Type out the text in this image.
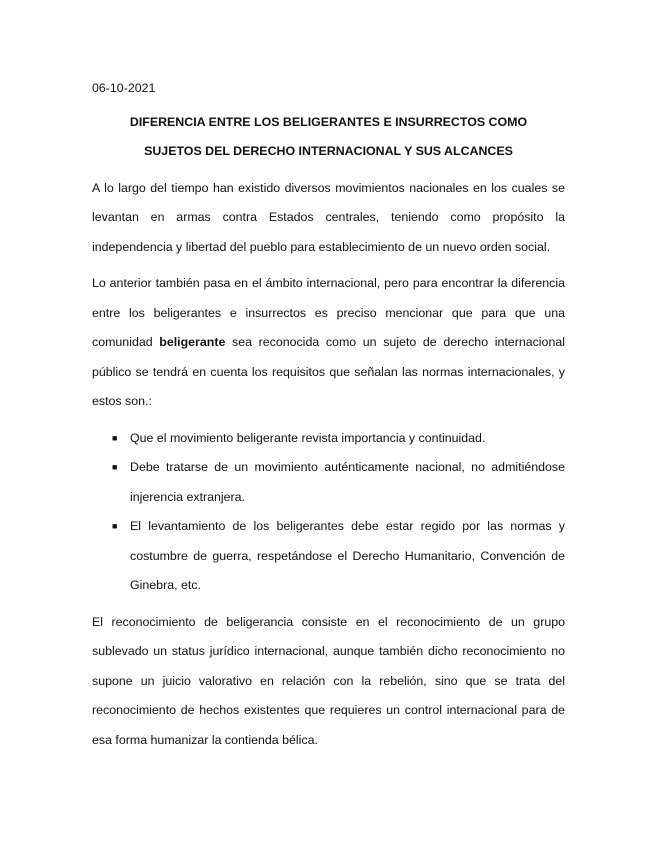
06-10-2021
DIFERENCIA ENTRE LOS BELIGERANTES E INSURRECTOS COMO
SUJETOS DEL DERECHO INTERNACIONAL Y SUS ALCANCES

A lo largo del tiempo han existido diversos movimientos nacionales en los cuales se levantan en armas contra Estados centrales, teniendo como propósito la independencia y libertad del pueblo para establecimiento de un nuevo orden social.

Lo anterior también pasa en el ámbito internacional, pero para encontrar la diferencia entre los beligerantes e insurrectos es preciso mencionar que para que una comunidad beligerante sea reconocida como un sujeto de derecho internacional público se tendrá en cuenta los requisitos que señalan las normas internacionales, y estos son.:

■ Que el movimiento beligerante revista importancia y continuidad.
■ Debe tratarse de un movimiento auténticamente nacional, no admitiéndose injerencia extranjera.
■ El levantamiento de los beligerantes debe estar regido por las normas y costumbre de guerra, respetándose el Derecho Humanitario, Convención de Ginebra, etc.

El reconocimiento de beligerancia consiste en el reconocimiento de un grupo sublevado un status jurídico internacional, aunque también dicho reconocimiento no supone un juicio valorativo en relación con la rebelión, sino que se trata del reconocimiento de hechos existentes que requieres un control internacional para de esa forma humanizar la contienda bélica.
